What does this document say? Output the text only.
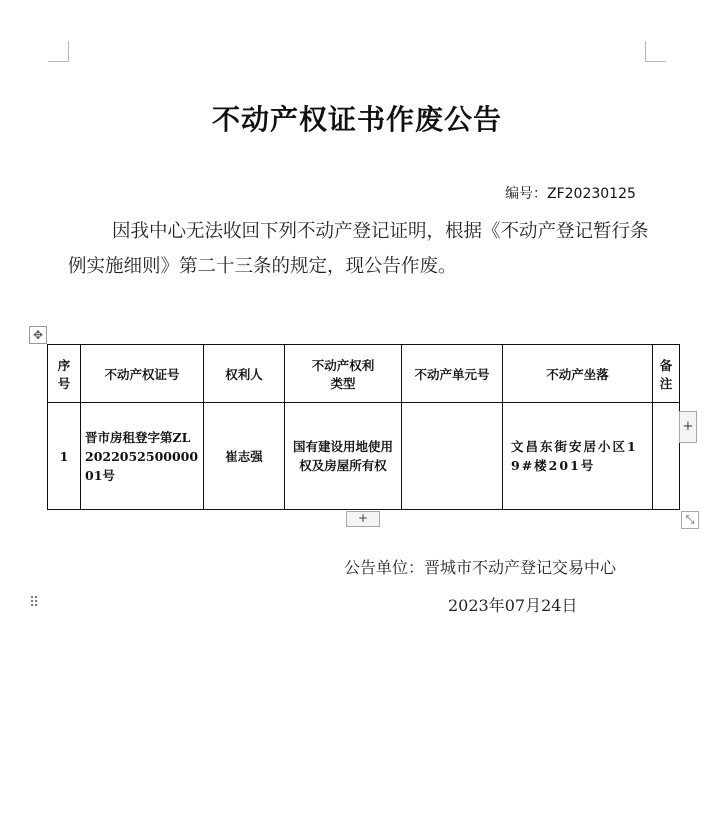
不动产权证书作废公告
编号：ZF20230125
因我中心无法收回下列不动产登记证明，根据《不动产登记暂行条例实施细则》第二十三条的规定，现公告作废。
✥
序号	不动产权证号	权利人	不动产权利类型	不动产单元号	不动产坐落	备注
1	晋市房租登字第ZL202205250000001号	崔志强	国有建设用地使用权及房屋所有权		文昌东街安居小区19#楼201号	
+
+	⤡
⠿
公告单位：晋城市不动产登记交易中心
2023年07月24日
